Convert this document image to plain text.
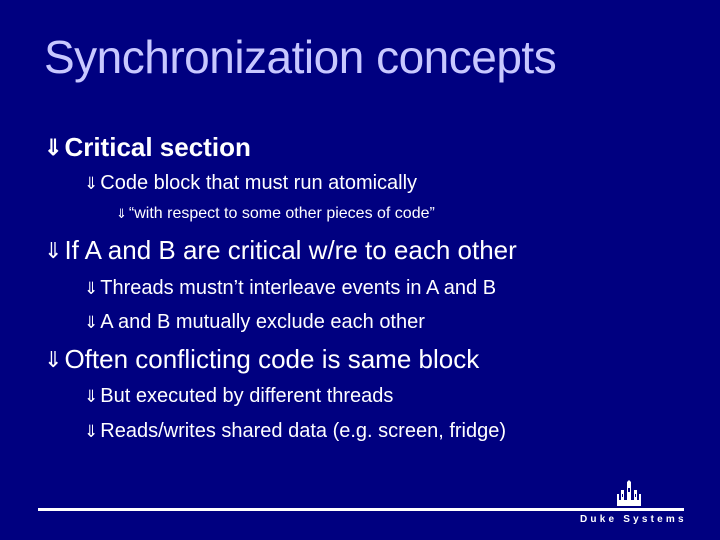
Synchronization concepts
⇓ Critical section
⇓ Code block that must run atomically
⇓ “with respect to some other pieces of code”
⇓ If A and B are critical w/re to each other
⇓ Threads mustn’t interleave events in A and B
⇓ A and B mutually exclude each other
⇓ Often conflicting code is same block
⇓ But executed by different threads
⇓ Reads/writes shared data (e.g. screen, fridge)
Duke Systems
